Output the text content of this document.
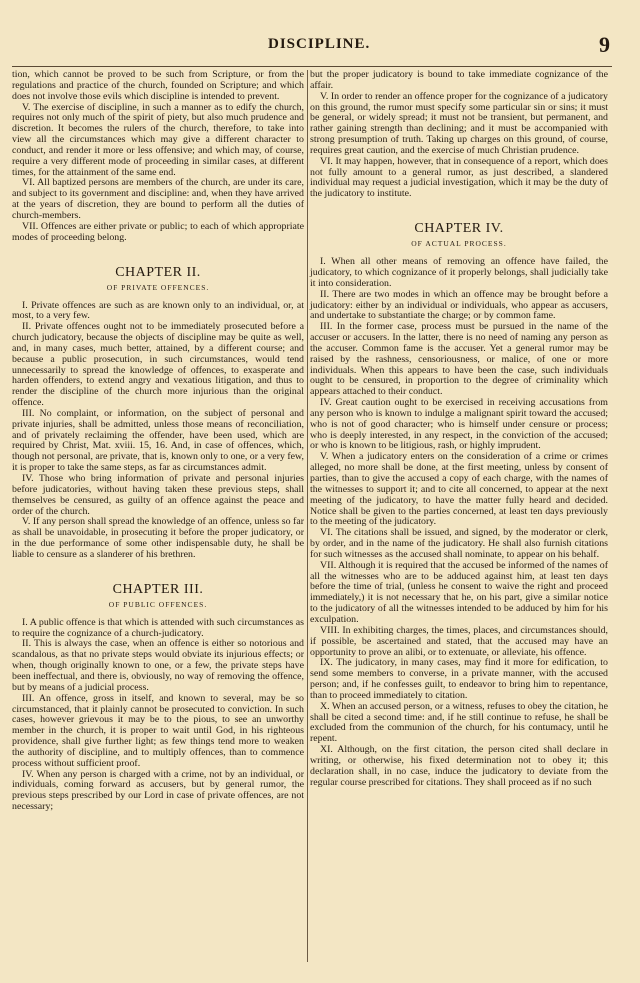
DISCIPLINE.	9

tion, which cannot be proved to be such from Scripture, or from the regulations and practice of the church, founded on Scripture; and which does not involve those evils which discipline is intended to prevent.

V. The exercise of discipline, in such a manner as to edify the church, requires not only much of the spirit of piety, but also much prudence and discretion. It becomes the rulers of the church, therefore, to take into view all the circumstances which may give a different character to conduct, and render it more or less offensive; and which may, of course, require a very different mode of proceeding in similar cases, at different times, for the attainment of the same end.

VI. All baptized persons are members of the church, are under its care, and subject to its government and discipline: and, when they have arrived at the years of discretion, they are bound to perform all the duties of church-members.

VII. Offences are either private or public; to each of which appropriate modes of proceeding belong.

CHAPTER II.

OF PRIVATE OFFENCES.

I. Private offences are such as are known only to an individual, or, at most, to a very few.

II. Private offences ought not to be immediately prosecuted before a church judicatory, because the objects of discipline may be quite as well, and, in many cases, much better, attained, by a different course; and because a public prosecution, in such circumstances, would tend unnecessarily to spread the knowledge of offences, to exasperate and harden offenders, to extend angry and vexatious litigation, and thus to render the discipline of the church more injurious than the original offence.

III. No complaint, or information, on the subject of personal and private injuries, shall be admitted, unless those means of reconciliation, and of privately reclaiming the offender, have been used, which are required by Christ, Mat. xviii. 15, 16. And, in case of offences, which, though not personal, are private, that is, known only to one, or a very few, it is proper to take the same steps, as far as circumstances admit.

IV. Those who bring information of private and personal injuries before judicatories, without having taken these previous steps, shall themselves be censured, as guilty of an offence against the peace and order of the church.

V. If any person shall spread the knowledge of an offence, unless so far as shall be unavoidable, in prosecuting it before the proper judicatory, or in the due performance of some other indispensable duty, he shall be liable to censure as a slanderer of his brethren.

CHAPTER III.

OF PUBLIC OFFENCES.

I. A public offence is that which is attended with such circumstances as to require the cognizance of a church-judicatory.

II. This is always the case, when an offence is either so notorious and scandalous, as that no private steps would obviate its injurious effects; or when, though originally known to one, or a few, the private steps have been ineffectual, and there is, obviously, no way of removing the offence, but by means of a judicial process.

III. An offence, gross in itself, and known to several, may be so circumstanced, that it plainly cannot be prosecuted to conviction. In such cases, however grievous it may be to the pious, to see an unworthy member in the church, it is proper to wait until God, in his righteous providence, shall give further light; as few things tend more to weaken the authority of discipline, and to multiply offences, than to commence process without sufficient proof.

IV. When any person is charged with a crime, not by an individual, or individuals, coming forward as accusers, but by general rumor, the previous steps prescribed by our Lord in case of private offences, are not necessary;

but the proper judicatory is bound to take immediate cognizance of the affair.

V. In order to render an offence proper for the cognizance of a judicatory on this ground, the rumor must specify some particular sin or sins; it must be general, or widely spread; it must not be transient, but permanent, and rather gaining strength than declining; and it must be accompanied with strong presumption of truth. Taking up charges on this ground, of course, requires great caution, and the exercise of much Christian prudence.

VI. It may happen, however, that in consequence of a report, which does not fully amount to a general rumor, as just described, a slandered individual may request a judicial investigation, which it may be the duty of the judicatory to institute.

CHAPTER IV.

OF ACTUAL PROCESS.

I. When all other means of removing an offence have failed, the judicatory, to which cognizance of it properly belongs, shall judicially take it into consideration.

II. There are two modes in which an offence may be brought before a judicatory: either by an individual or individuals, who appear as accusers, and undertake to substantiate the charge; or by common fame.

III. In the former case, process must be pursued in the name of the accuser or accusers. In the latter, there is no need of naming any person as the accuser. Common fame is the accuser. Yet a general rumor may be raised by the rashness, censoriousness, or malice, of one or more individuals. When this appears to have been the case, such individuals ought to be censured, in proportion to the degree of criminality which appears attached to their conduct.

IV. Great caution ought to be exercised in receiving accusations from any person who is known to indulge a malignant spirit toward the accused; who is not of good character; who is himself under censure or process; who is deeply interested, in any respect, in the conviction of the accused; or who is known to be litigious, rash, or highly imprudent.

V. When a judicatory enters on the consideration of a crime or crimes alleged, no more shall be done, at the first meeting, unless by consent of parties, than to give the accused a copy of each charge, with the names of the witnesses to support it; and to cite all concerned, to appear at the next meeting of the judicatory, to have the matter fully heard and decided. Notice shall be given to the parties concerned, at least ten days previously to the meeting of the judicatory.

VI. The citations shall be issued, and signed, by the moderator or clerk, by order, and in the name of the judicatory. He shall also furnish citations for such witnesses as the accused shall nominate, to appear on his behalf.

VII. Although it is required that the accused be informed of the names of all the witnesses who are to be adduced against him, at least ten days before the time of trial, (unless he consent to waive the right and proceed immediately,) it is not necessary that he, on his part, give a similar notice to the judicatory of all the witnesses intended to be adduced by him for his exculpation.

VIII. In exhibiting charges, the times, places, and circumstances should, if possible, be ascertained and stated, that the accused may have an opportunity to prove an alibi, or to extenuate, or alleviate, his offence.

IX. The judicatory, in many cases, may find it more for edification, to send some members to converse, in a private manner, with the accused person; and, if he confesses guilt, to endeavor to bring him to repentance, than to proceed immediately to citation.

X. When an accused person, or a witness, refuses to obey the citation, he shall be cited a second time: and, if he still continue to refuse, he shall be excluded from the communion of the church, for his contumacy, until he repent.

XI. Although, on the first citation, the person cited shall declare in writing, or otherwise, his fixed determination not to obey it; this declaration shall, in no case, induce the judicatory to deviate from the regular course prescribed for citations. They shall proceed as if no such
